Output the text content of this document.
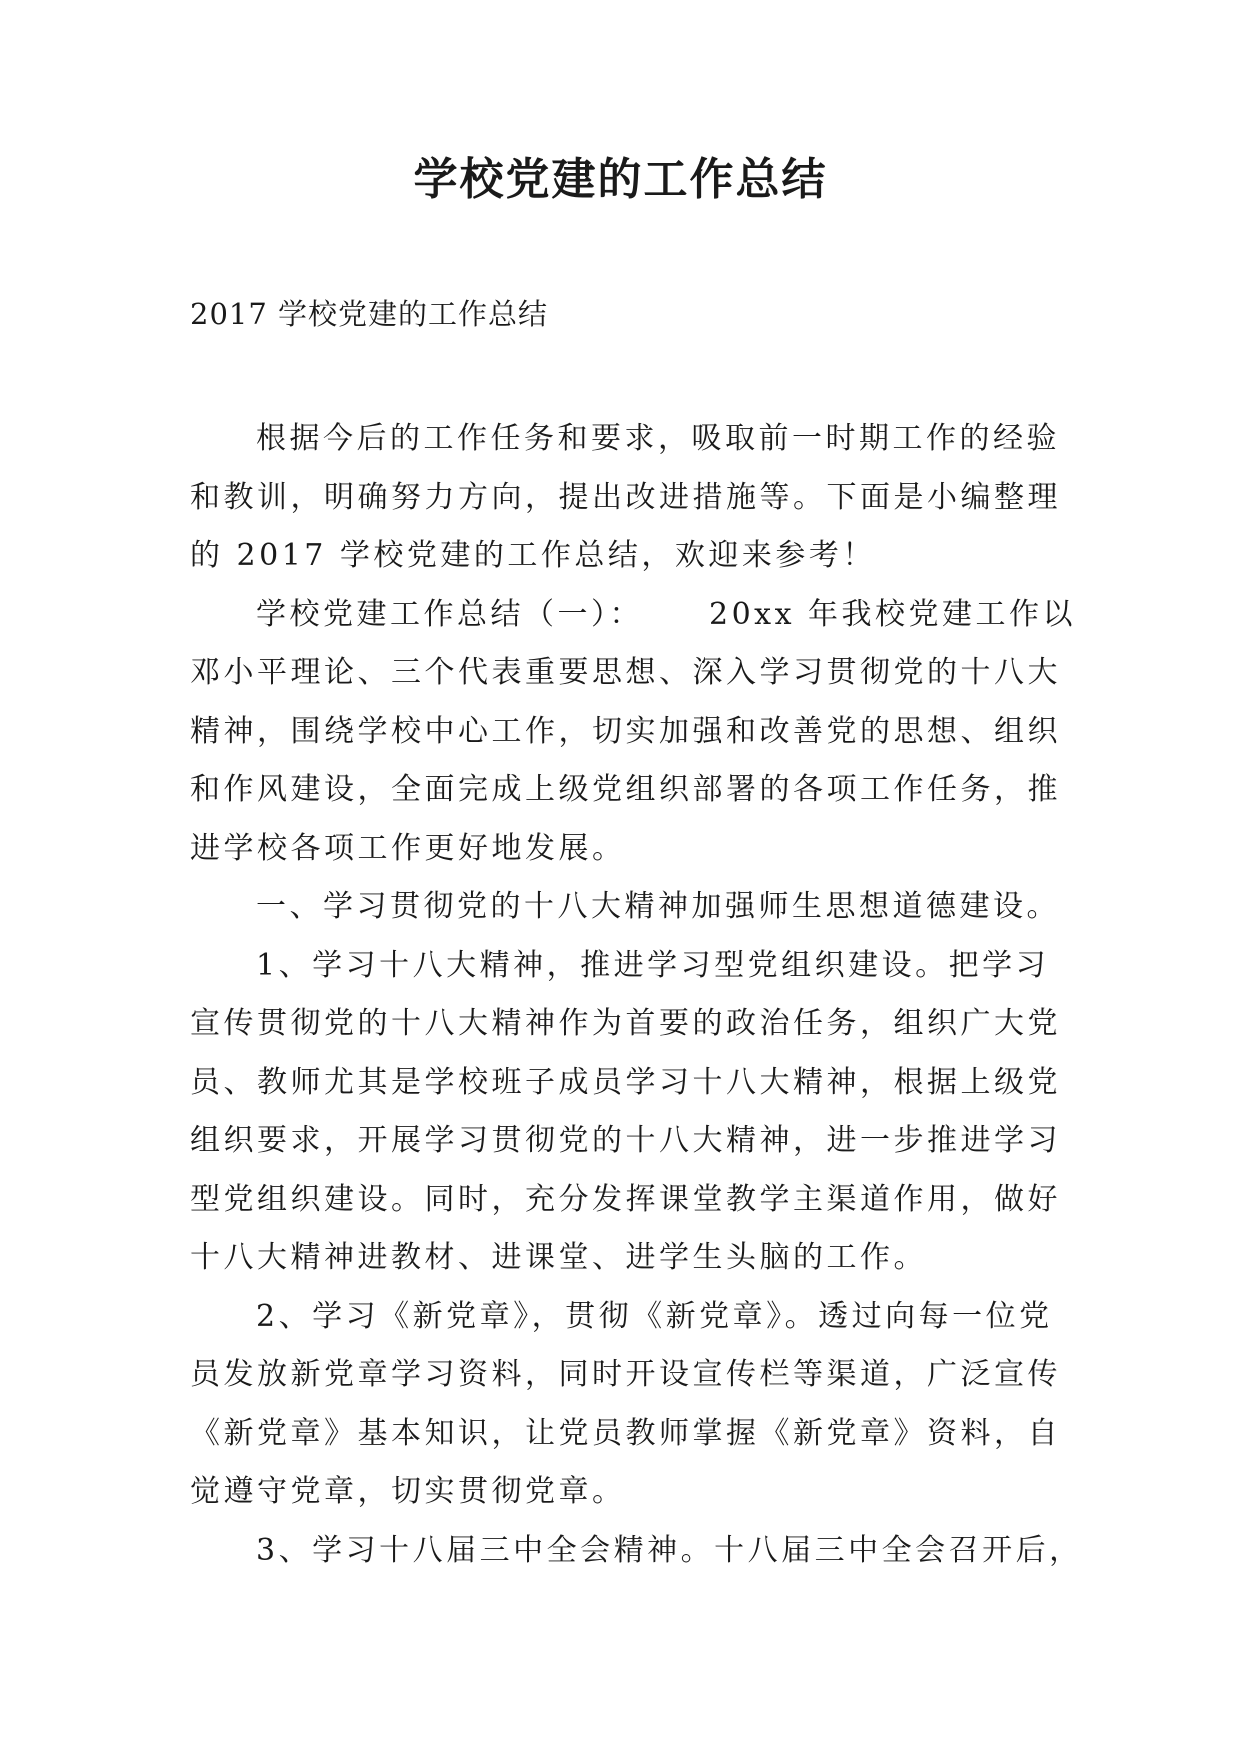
学校党建的工作总结
2017 学校党建的工作总结
根据今后的工作任务和要求，吸取前一时期工作的经验
和教训，明确努力方向，提出改进措施等。下面是小编整理
的 2017 学校党建的工作总结，欢迎来参考！
学校党建工作总结（一）： 20xx 年我校党建工作以
邓小平理论、三个代表重要思想、深入学习贯彻党的十八大
精神，围绕学校中心工作，切实加强和改善党的思想、组织
和作风建设，全面完成上级党组织部署的各项工作任务，推
进学校各项工作更好地发展。
一、学习贯彻党的十八大精神加强师生思想道德建设。
1、学习十八大精神，推进学习型党组织建设。把学习
宣传贯彻党的十八大精神作为首要的政治任务，组织广大党
员、教师尤其是学校班子成员学习十八大精神，根据上级党
组织要求，开展学习贯彻党的十八大精神，进一步推进学习
型党组织建设。同时，充分发挥课堂教学主渠道作用，做好
十八大精神进教材、进课堂、进学生头脑的工作。
2、学习《新党章》，贯彻《新党章》。透过向每一位党
员发放新党章学习资料，同时开设宣传栏等渠道，广泛宣传
《新党章》基本知识，让党员教师掌握《新党章》资料，自
觉遵守党章，切实贯彻党章。
3、学习十八届三中全会精神。十八届三中全会召开后，
